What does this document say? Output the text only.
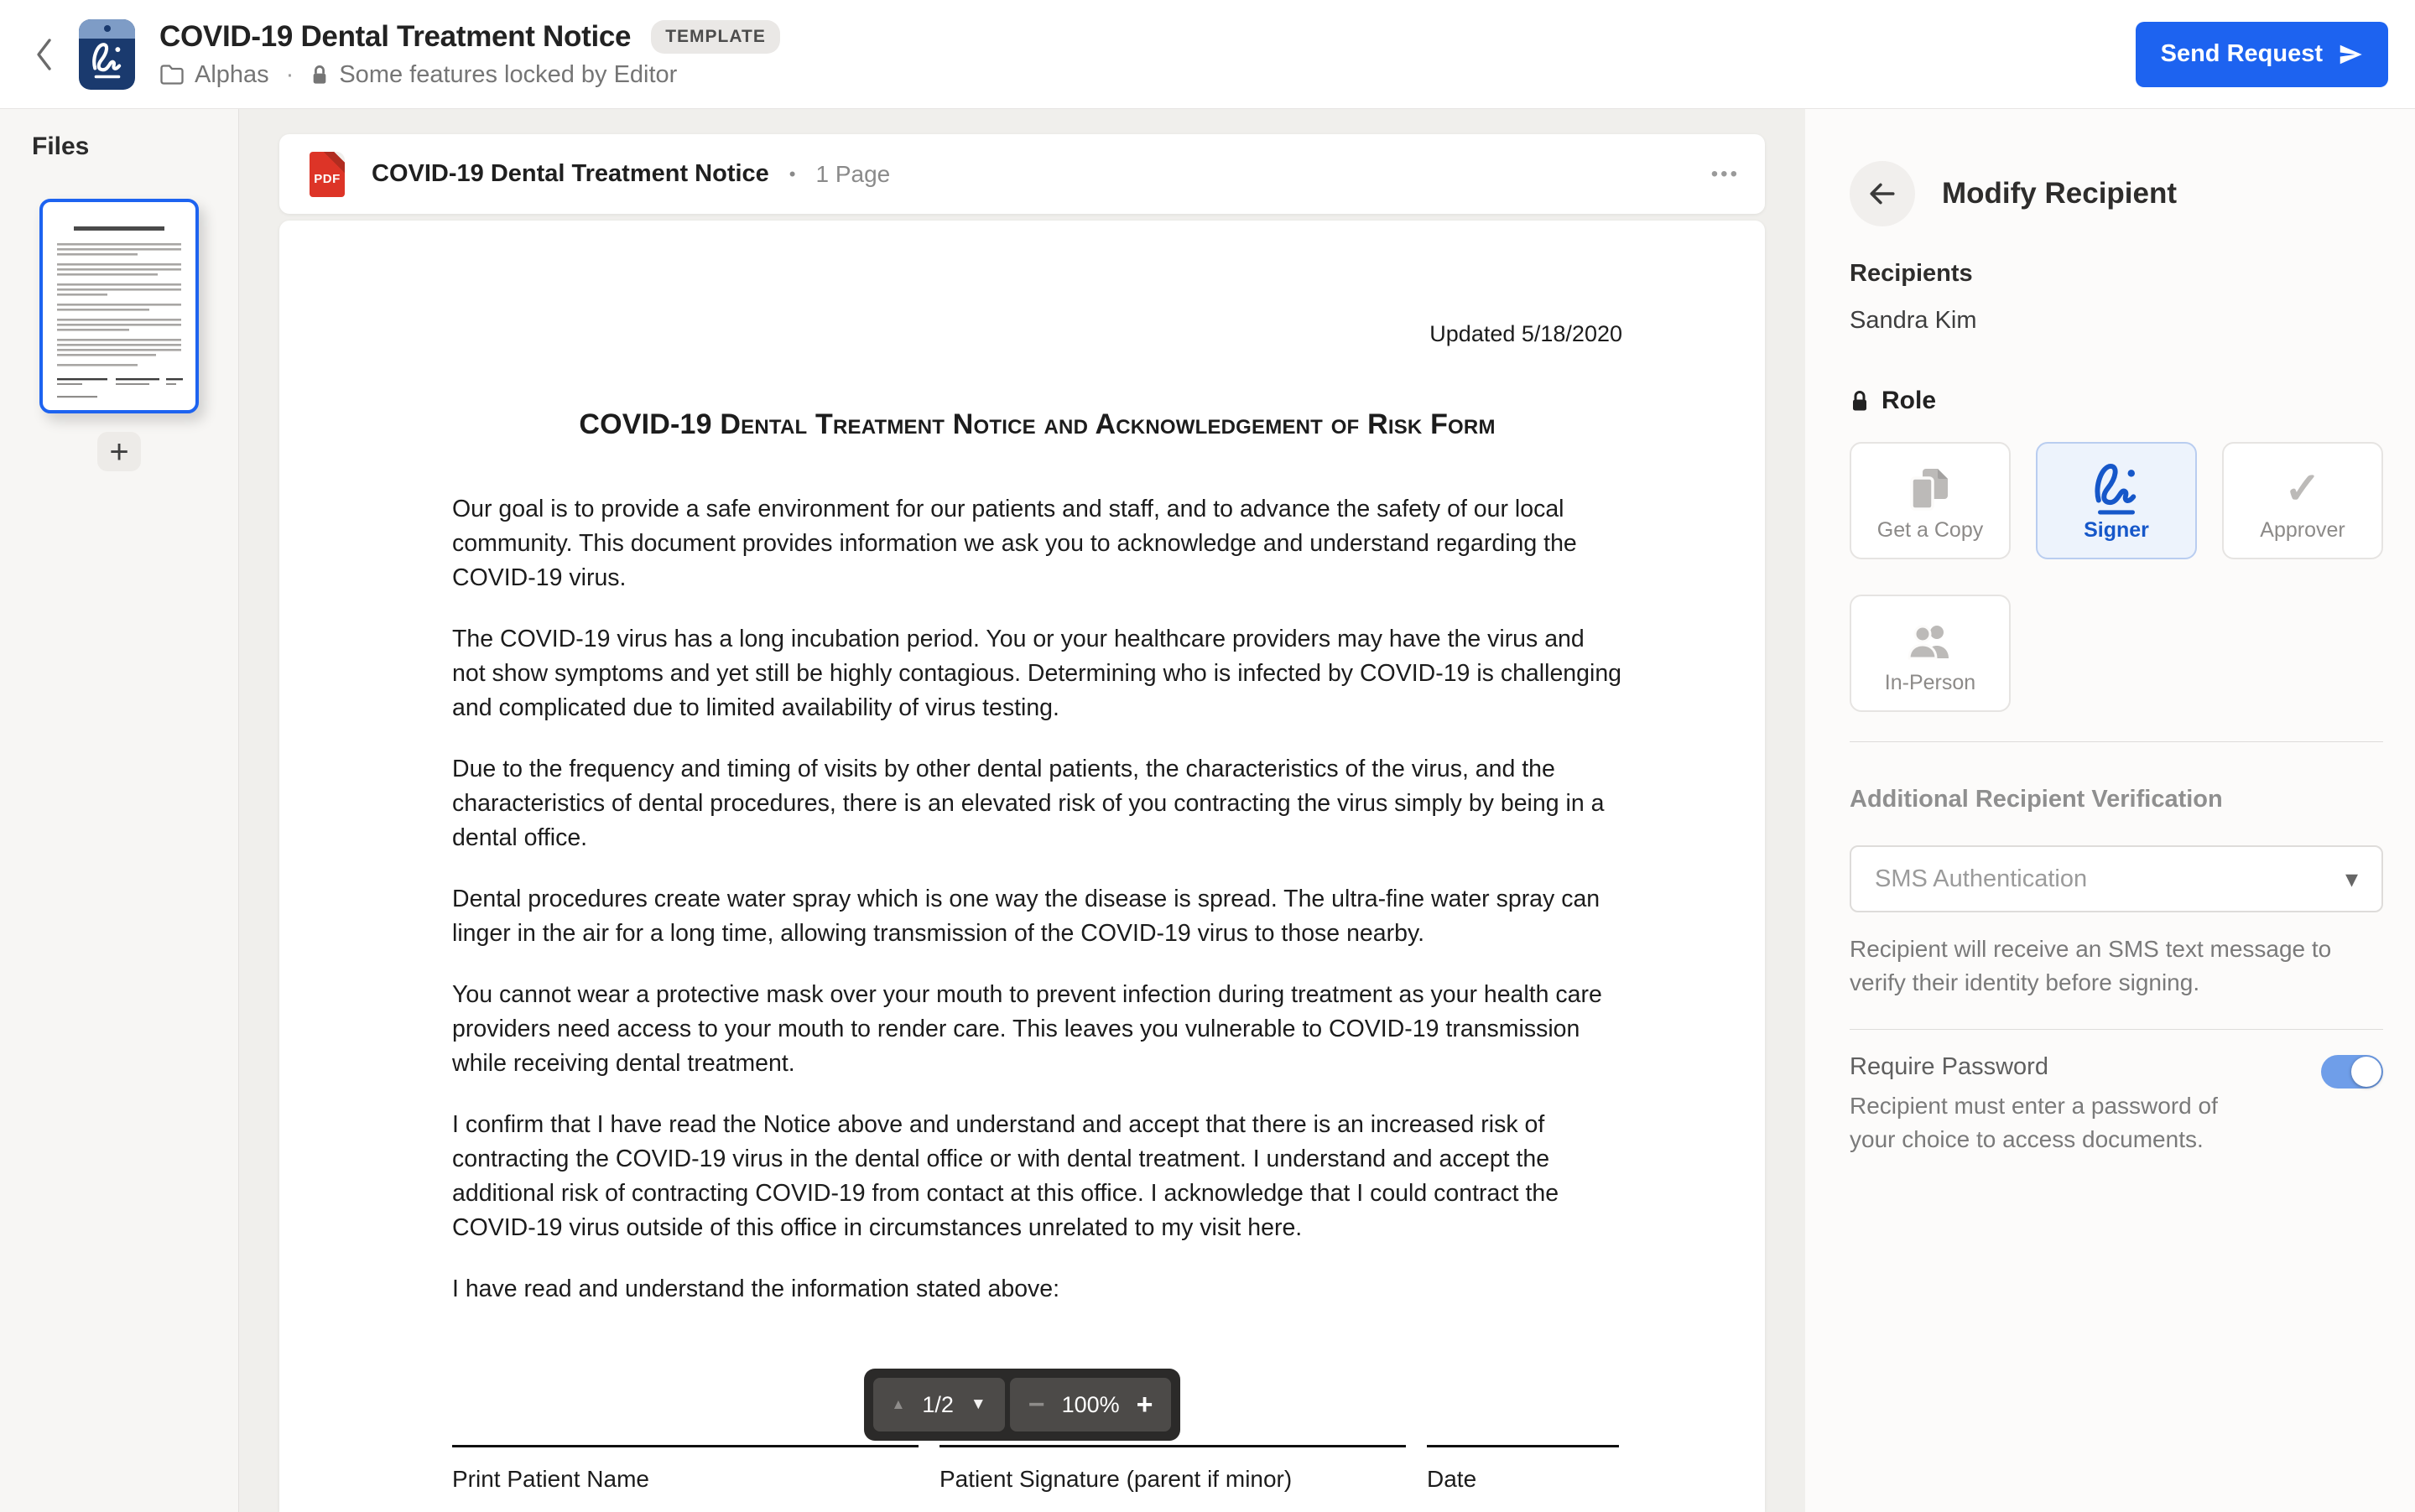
COVID-19 Dental Treatment Notice	TEMPLATE
Alphas · Some features locked by Editor
Send Request
Files
+
PDF COVID-19 Dental Treatment Notice • 1 Page	•••

Updated 5/18/2020

COVID-19 Dental Treatment Notice and Acknowledgement of Risk Form

Our goal is to provide a safe environment for our patients and staff, and to advance the safety of our local community. This document provides information we ask you to acknowledge and understand regarding the COVID-19 virus.

The COVID-19 virus has a long incubation period. You or your healthcare providers may have the virus and not show symptoms and yet still be highly contagious. Determining who is infected by COVID-19 is challenging and complicated due to limited availability of virus testing.

Due to the frequency and timing of visits by other dental patients, the characteristics of the virus, and the characteristics of dental procedures, there is an elevated risk of you contracting the virus simply by being in a dental office.

Dental procedures create water spray which is one way the disease is spread. The ultra-fine water spray can linger in the air for a long time, allowing transmission of the COVID-19 virus to those nearby.

You cannot wear a protective mask over your mouth to prevent infection during treatment as your health care providers need access to your mouth to render care. This leaves you vulnerable to COVID-19 transmission while receiving dental treatment.

I confirm that I have read the Notice above and understand and accept that there is an increased risk of contracting the COVID-19 virus in the dental office or with dental treatment. I understand and accept the additional risk of contracting COVID-19 from contact at this office. I acknowledge that I could contract the COVID-19 virus outside of this office in circumstances unrelated to my visit here.

I have read and understand the information stated above:

Print Patient Name	Patient Signature (parent if minor)	Date
▲ 1/2 ▼ − 100% +
Modify Recipient
Recipients
Sandra Kim
Role
Get a Copy	Signer
✓
Approver
In-Person
Additional Recipient Verification
SMS Authentication	▾

Recipient will receive an SMS text message to verify their identity before signing.

Require Password

Recipient must enter a password of your choice to access documents.
